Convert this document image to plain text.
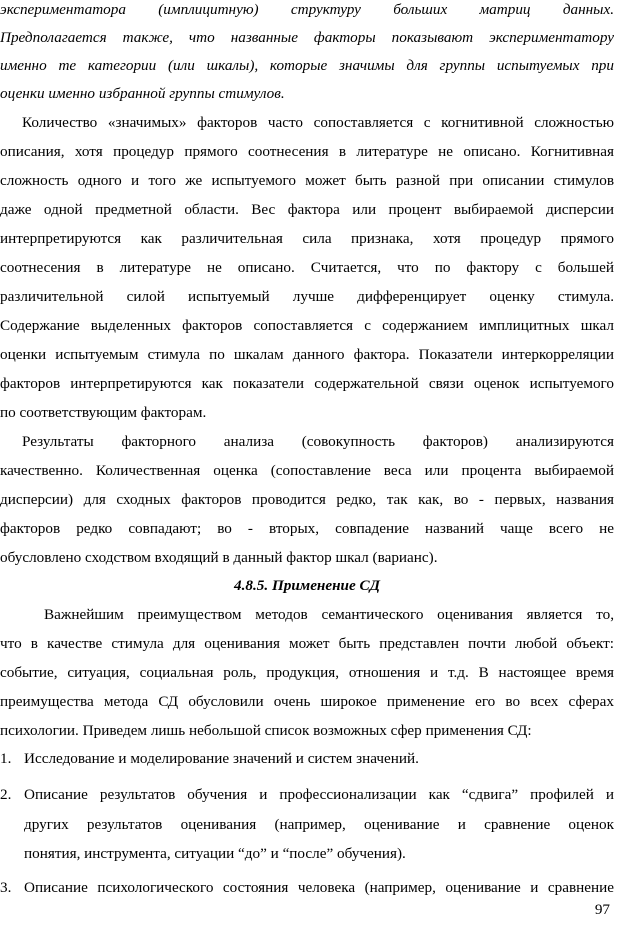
экспериментатора (имплицитную) структуру больших матриц данных.
Предполагается также, что названные факторы показывают экспериментатору
именно те категории (или шкалы), которые значимы для группы испытуемых при
оценки именно избранной группы стимулов.
Количество «значимых» факторов часто сопоставляется с когнитивной сложностью
описания, хотя процедур прямого соотнесения в литературе не описано. Когнитивная
сложность одного и того же испытуемого может быть разной при описании стимулов
даже одной предметной области. Вес фактора или процент выбираемой дисперсии
интерпретируются как различительная сила признака, хотя процедур прямого
соотнесения в литературе не описано. Считается, что по фактору с большей
различительной силой испытуемый лучше дифференцирует оценку стимула.
Содержание выделенных факторов сопоставляется с содержанием имплицитных шкал
оценки испытуемым стимула по шкалам данного фактора. Показатели интеркорреляции
факторов интерпретируются как показатели содержательной связи оценок испытуемого
по соответствующим факторам.
Результаты факторного анализа (совокупность факторов) анализируются
качественно. Количественная оценка (сопоставление веса или процента выбираемой
дисперсии) для сходных факторов проводится редко, так как, во - первых, названия
факторов редко совпадают; во - вторых, совпадение названий чаще всего не
обусловлено сходством входящий в данный фактор шкал (варианс).
4.8.5. Применение СД
Важнейшим преимуществом методов семантического оценивания является то,
что в качестве стимула для оценивания может быть представлен почти любой объект:
событие, ситуация, социальная роль, продукция, отношения и т.д. В настоящее время
преимущества метода СД обусловили очень широкое применение его во всех сферах
психологии. Приведем лишь небольшой список возможных сфер применения СД:
1. Исследование и моделирование значений и систем значений.
2. Описание результатов обучения и профессионализации как “сдвига” профилей и
других результатов оценивания (например, оценивание и сравнение оценок
понятия, инструмента, ситуации “до” и “после” обучения).
3. Описание психологического состояния человека (например, оценивание и сравнение
97
